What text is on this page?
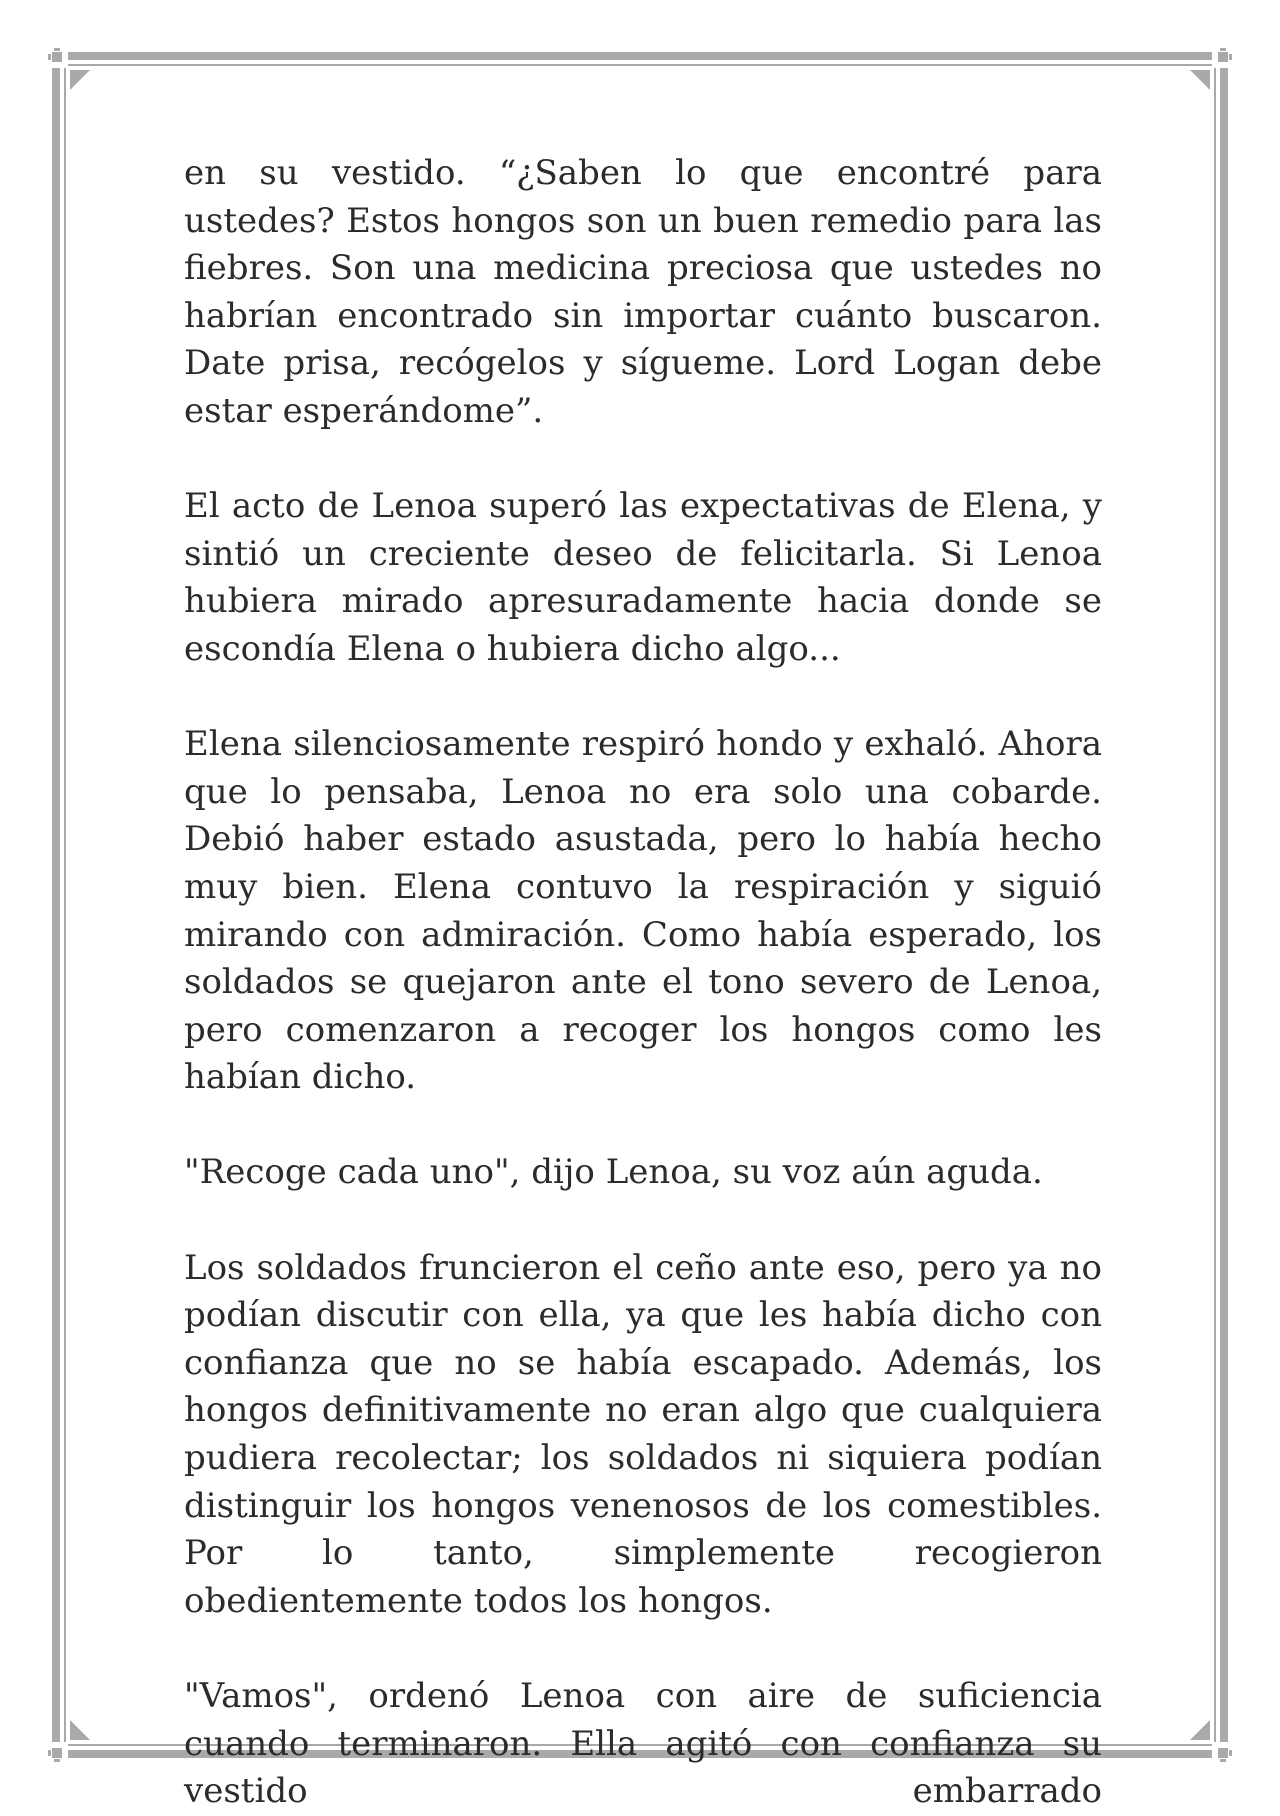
en su vestido. “¿Saben lo que encontré para ustedes? Estos hongos son un buen remedio para las fiebres. Son una medicina preciosa que ustedes no habrían encontrado sin importar cuánto buscaron. Date prisa, recógelos y sígueme. Lord Logan debe estar esperándome”.

El acto de Lenoa superó las expectativas de Elena, y sintió un creciente deseo de felicitarla. Si Lenoa hubiera mirado apresuradamente hacia donde se escondía Elena o hubiera dicho algo...

Elena silenciosamente respiró hondo y exhaló. Ahora que lo pensaba, Lenoa no era solo una cobarde. Debió haber estado asustada, pero lo había hecho muy bien. Elena contuvo la respiración y siguió mirando con admiración. Como había esperado, los soldados se quejaron ante el tono severo de Lenoa, pero comenzaron a recoger los hongos como les habían dicho.

"Recoge cada uno", dijo Lenoa, su voz aún aguda.

Los soldados fruncieron el ceño ante eso, pero ya no podían discutir con ella, ya que les había dicho con confianza que no se había escapado. Además, los hongos definitivamente no eran algo que cualquiera pudiera recolectar; los soldados ni siquiera podían distinguir los hongos venenosos de los comestibles. Por lo tanto, simplemente recogieron obedientemente todos los hongos.

"Vamos", ordenó Lenoa con aire de suficiencia cuando terminaron. Ella agitó con confianza su vestido embarrado
